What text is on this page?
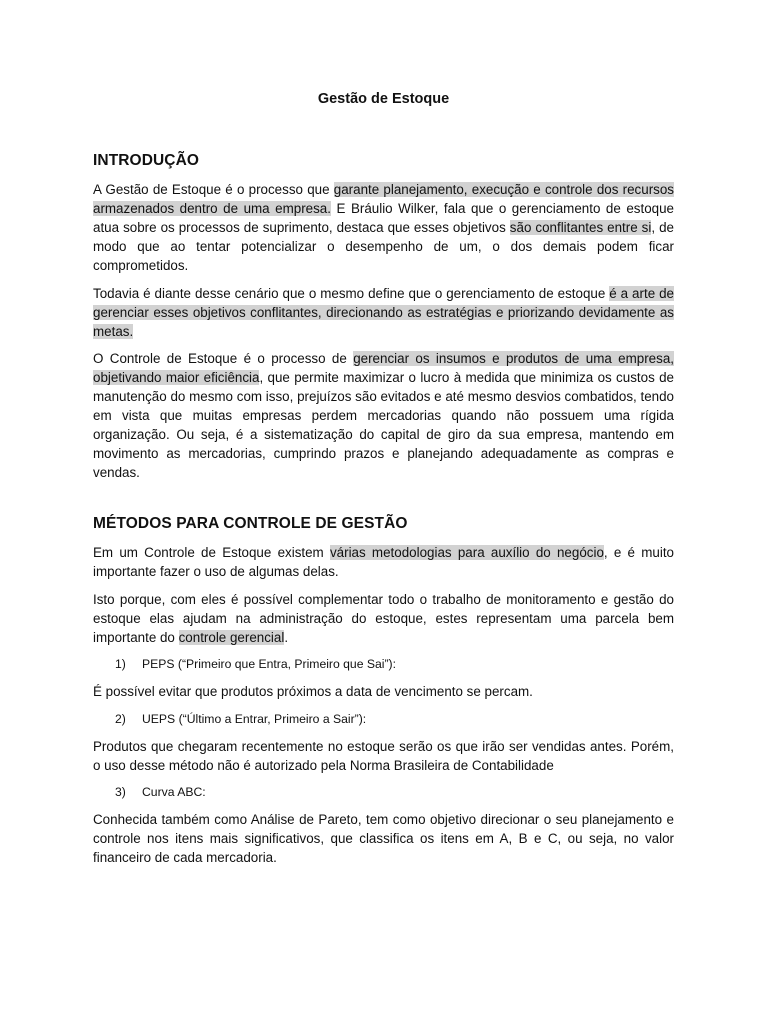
Gestão de Estoque
INTRODUÇÃO

A Gestão de Estoque é o processo que garante planejamento, execução e controle dos recursos armazenados dentro de uma empresa. E Bráulio Wilker, fala que o gerenciamento de estoque atua sobre os processos de suprimento, destaca que esses objetivos são conflitantes entre si, de modo que ao tentar potencializar o desempenho de um, o dos demais podem ficar comprometidos.

Todavia é diante desse cenário que o mesmo define que o gerenciamento de estoque é a arte de gerenciar esses objetivos conflitantes, direcionando as estratégias e priorizando devidamente as metas.

O Controle de Estoque é o processo de gerenciar os insumos e produtos de uma empresa, objetivando maior eficiência, que permite maximizar o lucro à medida que minimiza os custos de manutenção do mesmo com isso, prejuízos são evitados e até mesmo desvios combatidos, tendo em vista que muitas empresas perdem mercadorias quando não possuem uma rígida organização. Ou seja, é a sistematização do capital de giro da sua empresa, mantendo em movimento as mercadorias, cumprindo prazos e planejando adequadamente as compras e vendas.

MÉTODOS PARA CONTROLE DE GESTÃO

Em um Controle de Estoque existem várias metodologias para auxílio do negócio, e é muito importante fazer o uso de algumas delas.

Isto porque, com eles é possível complementar todo o trabalho de monitoramento e gestão do estoque elas ajudam na administração do estoque, estes representam uma parcela bem importante do controle gerencial.

1) PEPS (“Primeiro que Entra, Primeiro que Sai”):

É possível evitar que produtos próximos a data de vencimento se percam.

2) UEPS (“Último a Entrar, Primeiro a Sair”):

Produtos que chegaram recentemente no estoque serão os que irão ser vendidas antes. Porém, o uso desse método não é autorizado pela Norma Brasileira de Contabilidade

3) Curva ABC:

Conhecida também como Análise de Pareto, tem como objetivo direcionar o seu planejamento e controle nos itens mais significativos, que classifica os itens em A, B e C, ou seja, no valor financeiro de cada mercadoria.
